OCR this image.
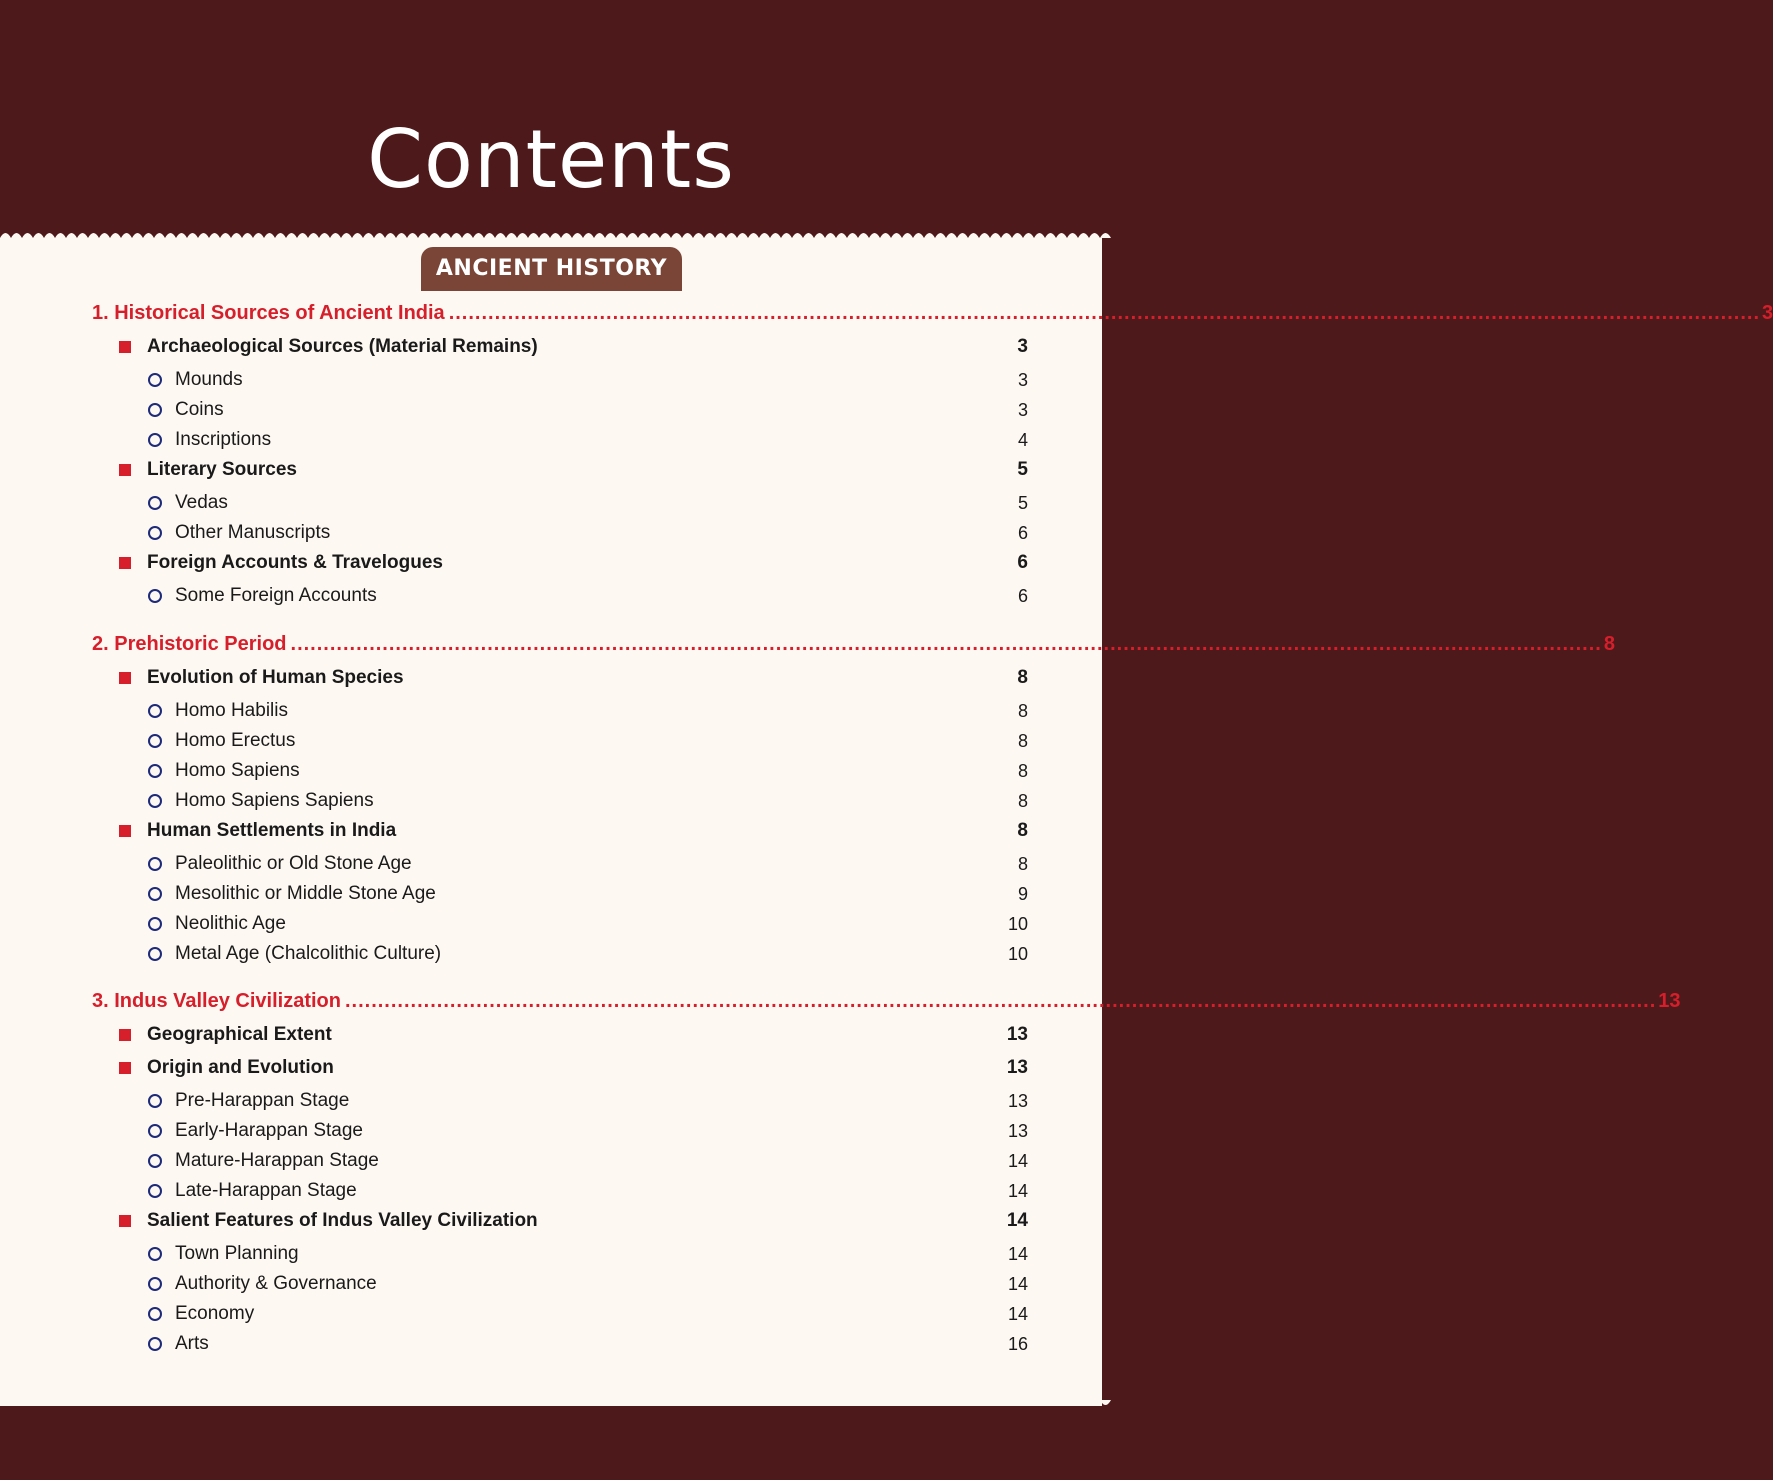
Contents
ANCIENT HISTORY
1. Historical Sources of Ancient India ........................................................................................................................................................................................................ 3
Archaeological Sources (Material Remains)	3
Mounds	3
Coins	3
Inscriptions	4
Literary Sources	5
Vedas	5
Other Manuscripts	6
Foreign Accounts & Travelogues	6
Some Foreign Accounts	6
2. Prehistoric Period ........................................................................................................................................................................................................ 8
Evolution of Human Species	8
Homo Habilis	8
Homo Erectus	8
Homo Sapiens	8
Homo Sapiens Sapiens	8
Human Settlements in India	8
Paleolithic or Old Stone Age	8
Mesolithic or Middle Stone Age	9
Neolithic Age	10
Metal Age (Chalcolithic Culture)	10
3. Indus Valley Civilization ........................................................................................................................................................................................................ 13
Geographical Extent	13
Origin and Evolution	13
Pre-Harappan Stage	13
Early-Harappan Stage	13
Mature-Harappan Stage	14
Late-Harappan Stage	14
Salient Features of Indus Valley Civilization	14
Town Planning	14
Authority & Governance	14
Economy	14
Arts	16
